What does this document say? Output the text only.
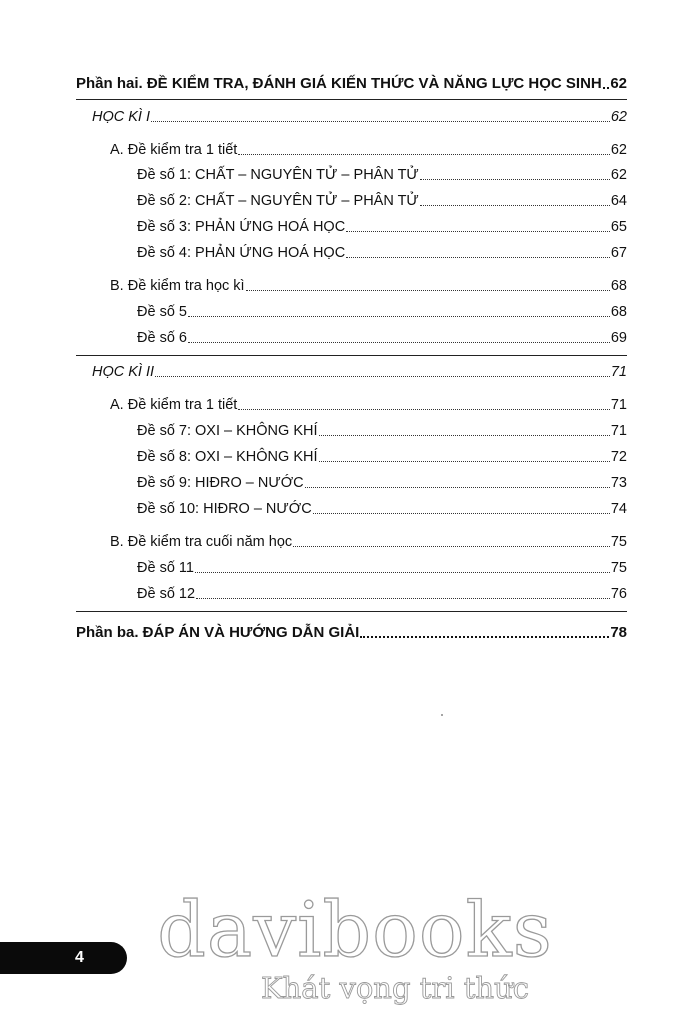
Phần hai. ĐỀ KIỂM TRA, ĐÁNH GIÁ KIẾN THỨC VÀ NĂNG LỰC HỌC SINH 62
HỌC KÌ I	62
A. Đề kiểm tra 1 tiết	62
Đề số 1: CHẤT – NGUYÊN TỬ – PHÂN TỬ	62
Đề số 2: CHẤT – NGUYÊN TỬ – PHÂN TỬ	64
Đề số 3: PHẢN ỨNG HOÁ HỌC	65
Đề số 4: PHẢN ỨNG HOÁ HỌC	67
B. Đề kiểm tra học kì	68
Đề số 5	68
Đề số 6	69
HỌC KÌ II	71
A. Đề kiểm tra 1 tiết	71
Đề số 7: OXI – KHÔNG KHÍ	71
Đề số 8: OXI – KHÔNG KHÍ	72
Đề số 9: HIĐRO – NƯỚC	73
Đề số 10: HIĐRO – NƯỚC	74
B. Đề kiểm tra cuối năm học	75
Đề số 11	75
Đề số 12	76
Phần ba. ĐÁP ÁN VÀ HƯỚNG DẪN GIẢI	78
4 davibooks
Khát vọng tri thức
